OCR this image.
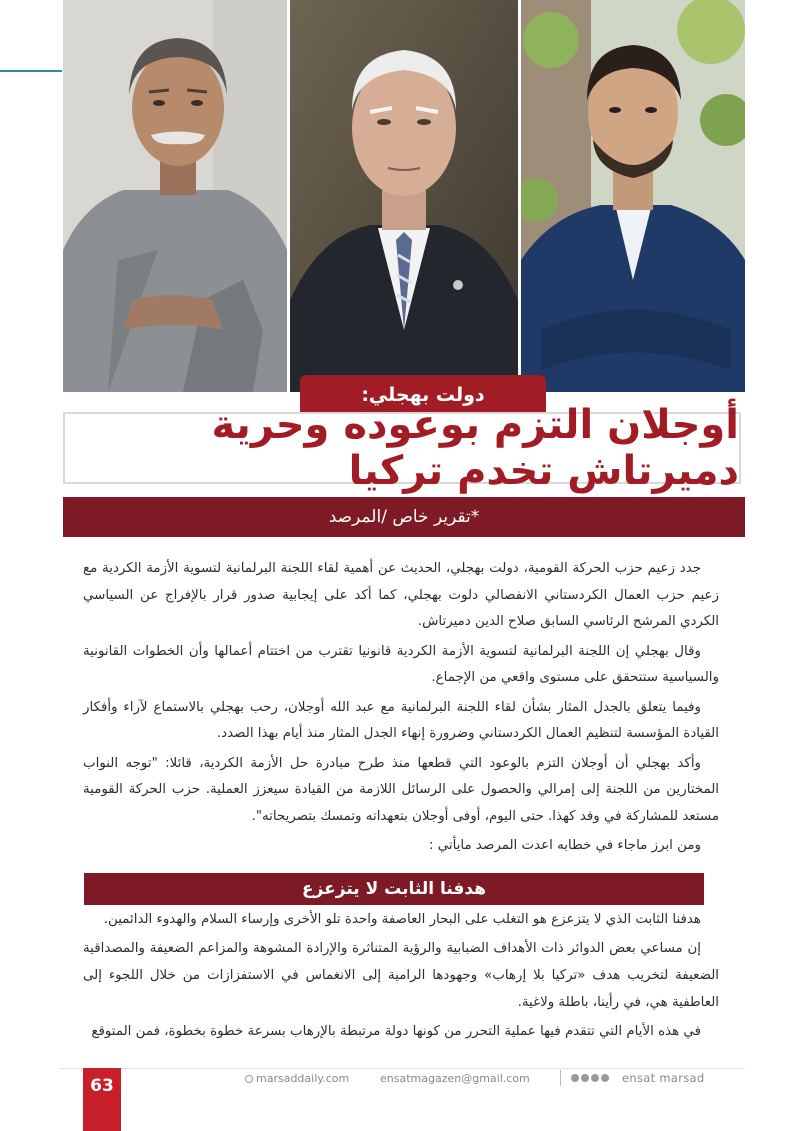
دولت بهجلي:
أوجلان التزم بوعوده وحرية دميرتاش تخدم تركيا
*تقرير خاص /المرصد

جدد زعيم حزب الحركة القومية، دولت بهجلي، الحديث عن أهمية لقاء اللجنة البرلمانية لتسوية الأزمة الكردية مع زعيم حزب العمال الكردستاني الانفصالي دلوت بهجلي، كما أكد على إيجابية صدور قرار بالإفراج عن السياسي الكردي المرشح الرئاسي السابق صلاح الدين دميرتاش.

وقال بهجلي إن اللجنة البرلمانية لتسوية الأزمة الكردية قانونيا تقترب من اختتام أعمالها وأن الخطوات القانونية والسياسية ستتحقق على مستوى واقعي من الإجماع.

وفيما يتعلق بالجدل المثار بشأن لقاء اللجنة البرلمانية مع عبد الله أوجلان، رحب بهجلي بالاستماع لآراء وأفكار القيادة المؤسسة لتنظيم العمال الكردستاني وضرورة إنهاء الجدل المثار منذ أيام بهذا الصدد.

وأكد بهجلي أن أوجلان التزم بالوعود التي قطعها منذ طرح مبادرة حل الأزمة الكردية، قائلا: "توجه النواب المختارين من اللجنة إلى إمرالي والحصول على الرسائل اللازمة من القيادة سيعزز العملية. حزب الحركة القومية مستعد للمشاركة في وفد كهذا. حتى اليوم، أوفى أوجلان بتعهداته وتمسك بتصريحاته".

ومن ابرز ماجاء في خطابه اعدت المرصد مايأتي :

هدفنا الثابت لا يتزعزع

هدفنا الثابت الذي لا يتزعزع هو التغلب على البحار العاصفة واحدة تلو الأخرى وإرساء السلام والهدوء الدائمين.

إن مساعي بعض الدوائر ذات الأهداف الضبابية والرؤية المتناثرة والإرادة المشوهة والمزاعم الضعيفة والمصداقية الضعيفة لتخريب هدف «تركيا بلا إرهاب» وجهودها الرامية إلى الانغماس في الاستفزازات من خلال اللجوء إلى العاطفية هي، في رأينا، باطلة ولاغية.

في هذه الأيام التي تتقدم فيها عملية التحرر من كونها دولة مرتبطة بالإرهاب بسرعة خطوة بخطوة، فمن المتوقع

63	marsaddaily.com	ensatmagazen@gmail.com	ensat marsad
